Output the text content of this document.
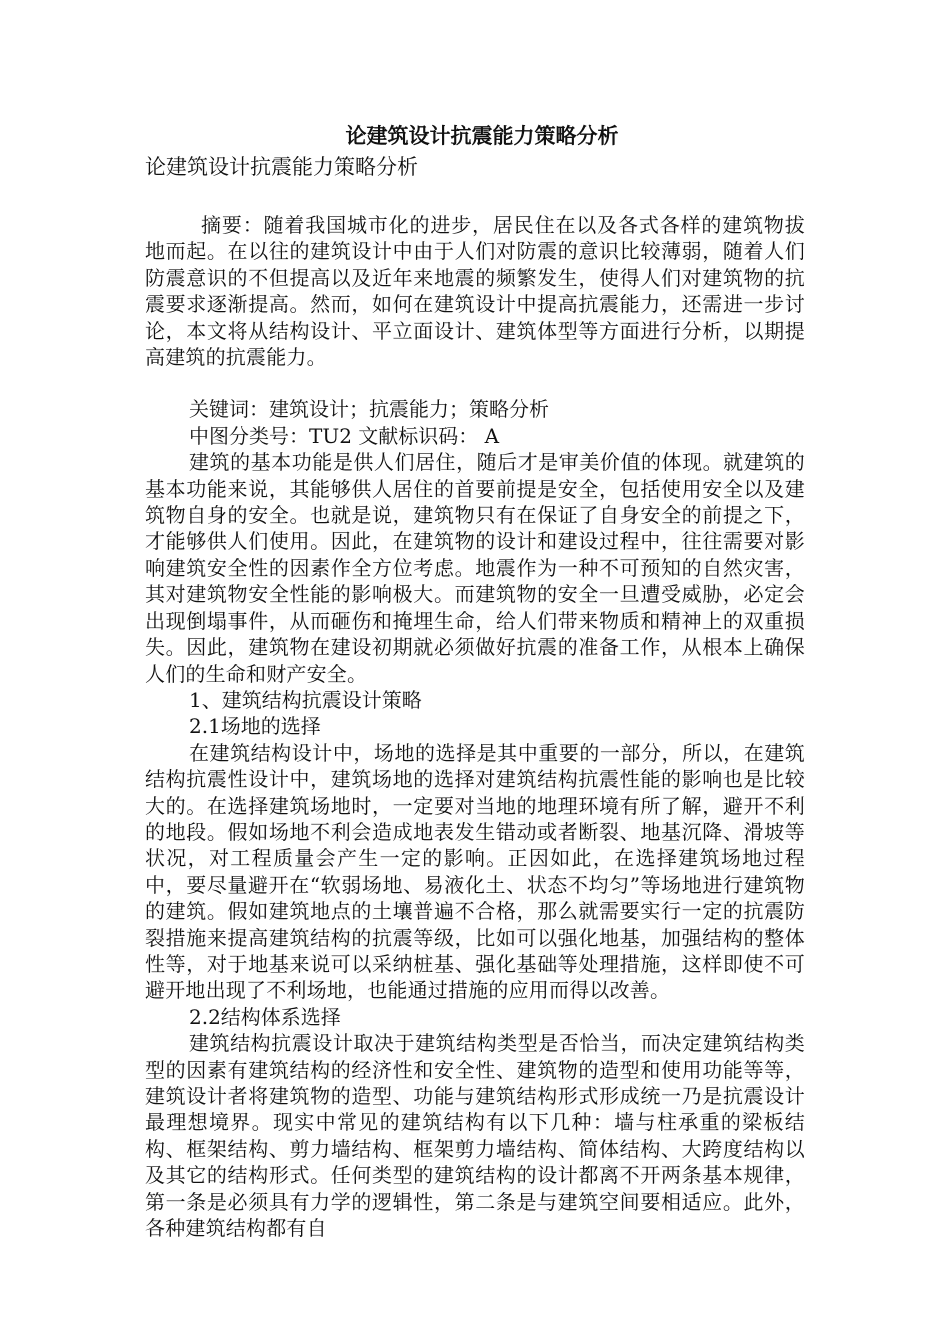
论建筑设计抗震能力策略分析

论建筑设计抗震能力策略分析

摘要：随着我国城市化的进步，居民住在以及各式各样的建筑物拔地而起。在以往的建筑设计中由于人们对防震的意识比较薄弱，随着人们防震意识的不但提高以及近年来地震的频繁发生，使得人们对建筑物的抗震要求逐渐提高。然而，如何在建筑设计中提高抗震能力，还需进一步讨论，本文将从结构设计、平立面设计、建筑体型等方面进行分析，以期提高建筑的抗震能力。

关键词：建筑设计；抗震能力；策略分析

中图分类号：TU2 文献标识码： A

建筑的基本功能是供人们居住，随后才是审美价值的体现。就建筑的基本功能来说，其能够供人居住的首要前提是安全，包括使用安全以及建筑物自身的安全。也就是说，建筑物只有在保证了自身安全的前提之下，才能够供人们使用。因此，在建筑物的设计和建设过程中，往往需要对影响建筑安全性的因素作全方位考虑。地震作为一种不可预知的自然灾害，其对建筑物安全性能的影响极大。而建筑物的安全一旦遭受威胁，必定会出现倒塌事件，从而砸伤和掩埋生命，给人们带来物质和精神上的双重损失。因此，建筑物在建设初期就必须做好抗震的准备工作，从根本上确保人们的生命和财产安全。

1、建筑结构抗震设计策略

2.1场地的选择

在建筑结构设计中，场地的选择是其中重要的一部分，所以，在建筑结构抗震性设计中，建筑场地的选择对建筑结构抗震性能的影响也是比较大的。在选择建筑场地时，一定要对当地的地理环境有所了解，避开不利的地段。假如场地不利会造成地表发生错动或者断裂、地基沉降、滑坡等状况，对工程质量会产生一定的影响。正因如此，在选择建筑场地过程中，要尽量避开在“软弱场地、易液化土、状态不均匀”等场地进行建筑物的建筑。假如建筑地点的土壤普遍不合格，那么就需要实行一定的抗震防裂措施来提高建筑结构的抗震等级，比如可以强化地基，加强结构的整体性等，对于地基来说可以采纳桩基、强化基础等处理措施，这样即使不可避开地出现了不利场地，也能通过措施的应用而得以改善。

2.2结构体系选择

建筑结构抗震设计取决于建筑结构类型是否恰当，而决定建筑结构类型的因素有建筑结构的经济性和安全性、建筑物的造型和使用功能等等，建筑设计者将建筑物的造型、功能与建筑结构形式形成统一乃是抗震设计最理想境界。现实中常见的建筑结构有以下几种：墙与柱承重的梁板结构、框架结构、剪力墙结构、框架剪力墙结构、简体结构、大跨度结构以及其它的结构形式。任何类型的建筑结构的设计都离不开两条基本规律，第一条是必须具有力学的逻辑性，第二条是与建筑空间要相适应。此外，各种建筑结构都有自
